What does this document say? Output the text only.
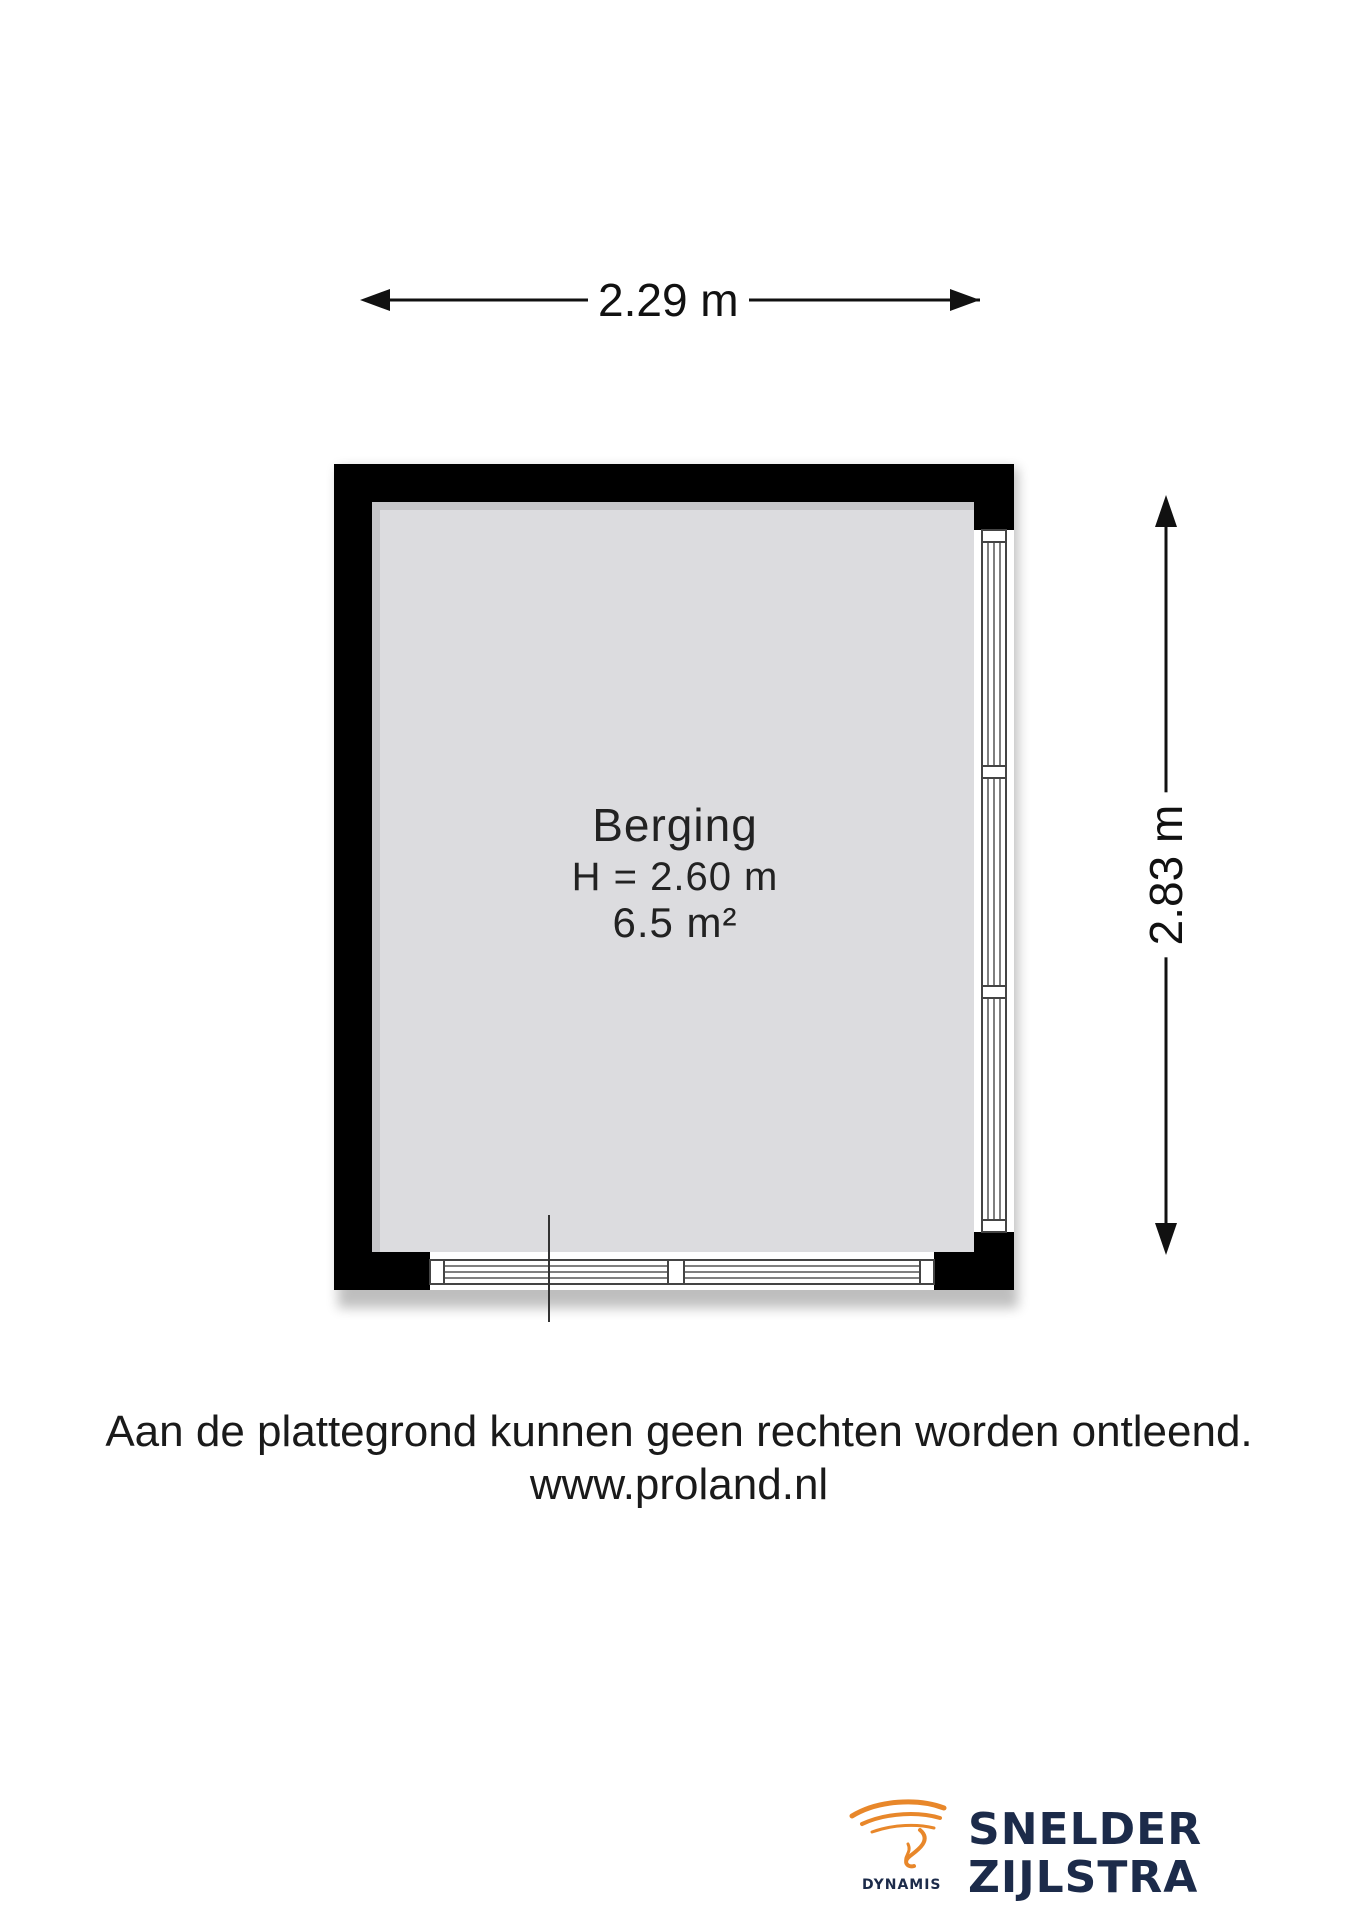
2.29 m
2.83 m
Berging
H = 2.60 m
6.5 m²
Aan de plattegrond kunnen geen rechten worden ontleend.
www.proland.nl
DYNAMIS
SNELDER
ZIJLSTRA
